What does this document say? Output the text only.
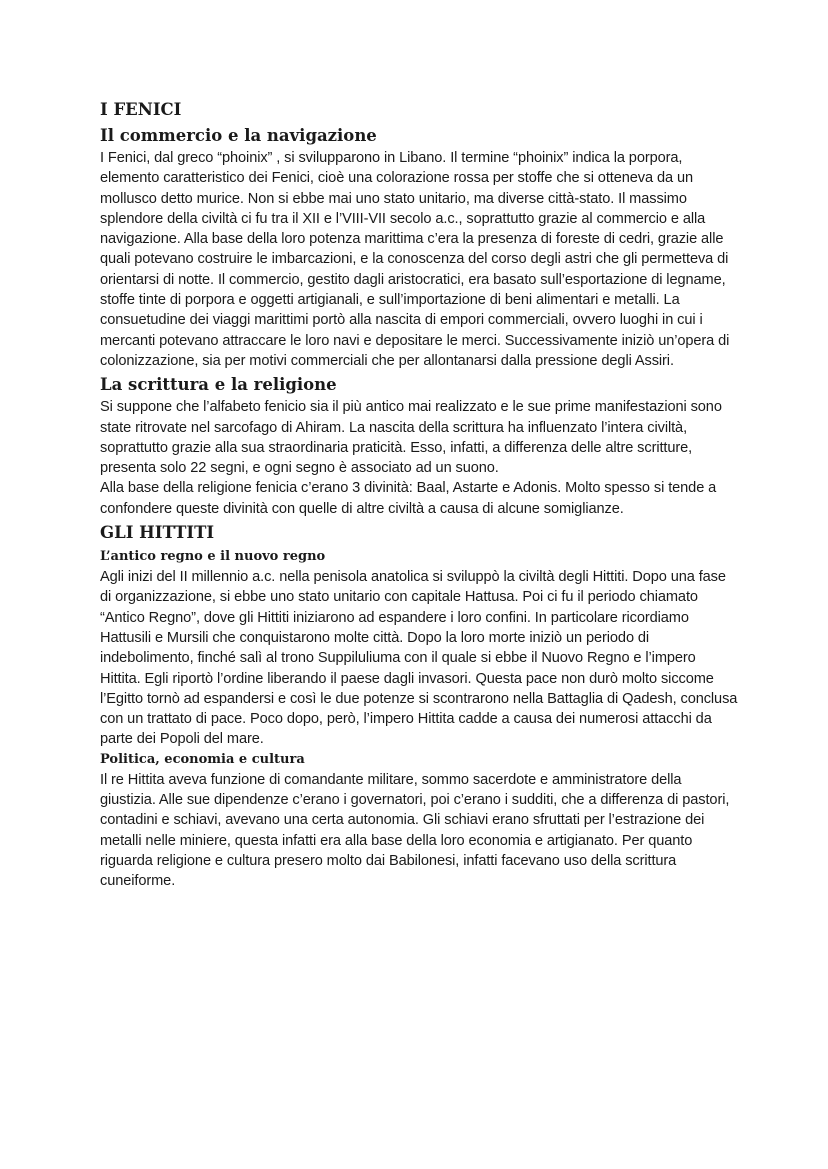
I FENICI
Il commercio e la navigazione

I Fenici, dal greco “phoinix” , si svilupparono in Libano. Il termine “phoinix” indica la porpora, elemento caratteristico dei Fenici, cioè una colorazione rossa per stoffe che si otteneva da un mollusco detto murice. Non si ebbe mai uno stato unitario, ma diverse città-stato. Il massimo splendore della civiltà ci fu tra il XII e l’VIII-VII secolo a.c., soprattutto grazie al commercio e alla navigazione. Alla base della loro potenza marittima c’era la presenza di foreste di cedri, grazie alle quali potevano costruire le imbarcazioni, e la conoscenza del corso degli astri che gli permetteva di orientarsi di notte. Il commercio, gestito dagli aristocratici, era basato sull’esportazione di legname, stoffe tinte di porpora e oggetti artigianali, e sull’importazione di beni alimentari e metalli. La consuetudine dei viaggi marittimi portò alla nascita di empori commerciali, ovvero luoghi in cui i mercanti potevano attraccare le loro navi e depositare le merci. Successivamente iniziò un’opera di colonizzazione, sia per motivi commerciali che per allontanarsi dalla pressione degli Assiri.

La scrittura e la religione

Si suppone che l’alfabeto fenicio sia il più antico mai realizzato e le sue prime manifestazioni sono state ritrovate nel sarcofago di Ahiram. La nascita della scrittura ha influenzato l’intera civiltà, soprattutto grazie alla sua straordinaria praticità. Esso, infatti, a differenza delle altre scritture, presenta solo 22 segni, e ogni segno è associato ad un suono.

Alla base della religione fenicia c’erano 3 divinità: Baal, Astarte e Adonis. Molto spesso si tende a confondere queste divinità con quelle di altre civiltà a causa di alcune somiglianze.

GLI HITTITI
L’antico regno e il nuovo regno

Agli inizi del II millennio a.c. nella penisola anatolica si sviluppò la civiltà degli Hittiti. Dopo una fase di organizzazione, si ebbe uno stato unitario con capitale Hattusa. Poi ci fu il periodo chiamato “Antico Regno”, dove gli Hittiti iniziarono ad espandere i loro confini. In particolare ricordiamo Hattusili e Mursili che conquistarono molte città. Dopo la loro morte iniziò un periodo di indebolimento, finché salì al trono Suppiluliuma con il quale si ebbe il Nuovo Regno e l’impero Hittita. Egli riportò l’ordine liberando il paese dagli invasori. Questa pace non durò molto siccome l’Egitto tornò ad espandersi e così le due potenze si scontrarono nella Battaglia di Qadesh, conclusa con un trattato di pace. Poco dopo, però, l’impero Hittita cadde a causa dei numerosi attacchi da parte dei Popoli del mare.

Politica, economia e cultura

Il re Hittita aveva funzione di comandante militare, sommo sacerdote e amministratore della giustizia. Alle sue dipendenze c’erano i governatori, poi c’erano i sudditi, che a differenza di pastori, contadini e schiavi, avevano una certa autonomia. Gli schiavi erano sfruttati per l’estrazione dei metalli nelle miniere, questa infatti era alla base della loro economia e artigianato. Per quanto riguarda religione e cultura presero molto dai Babilonesi, infatti facevano uso della scrittura cuneiforme.
